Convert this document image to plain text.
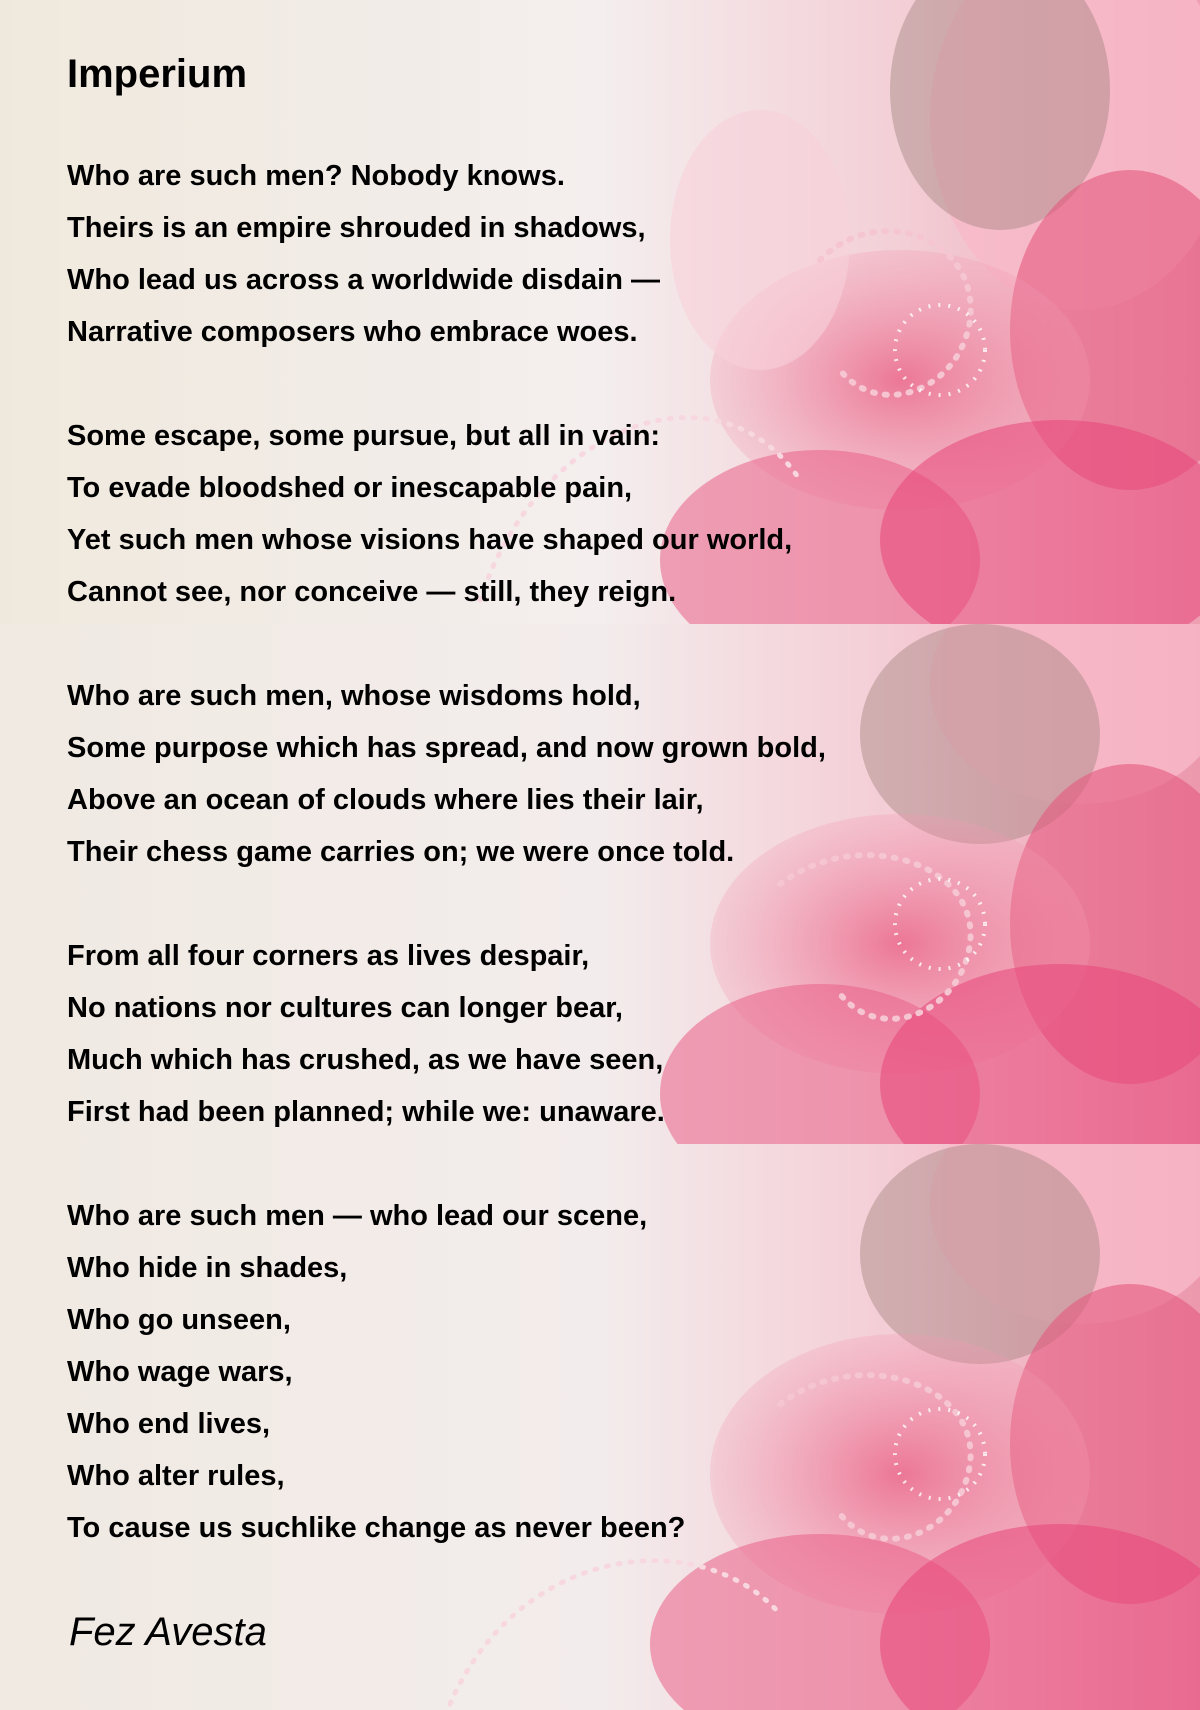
Imperium
Who are such men? Nobody knows.
Theirs is an empire shrouded in shadows,
Who lead us across a worldwide disdain —
Narrative composers who embrace woes.
Some escape, some pursue, but all in vain:
To evade bloodshed or inescapable pain,
Yet such men whose visions have shaped our world,
Cannot see, nor conceive — still, they reign.
Who are such men, whose wisdoms hold,
Some purpose which has spread, and now grown bold,
Above an ocean of clouds where lies their lair,
Their chess game carries on; we were once told.
From all four corners as lives despair,
No nations nor cultures can longer bear,
Much which has crushed, as we have seen,
First had been planned; while we: unaware.
Who are such men — who lead our scene,
Who hide in shades,
Who go unseen,
Who wage wars,
Who end lives,
Who alter rules,
To cause us suchlike change as never been?
Fez Avesta
